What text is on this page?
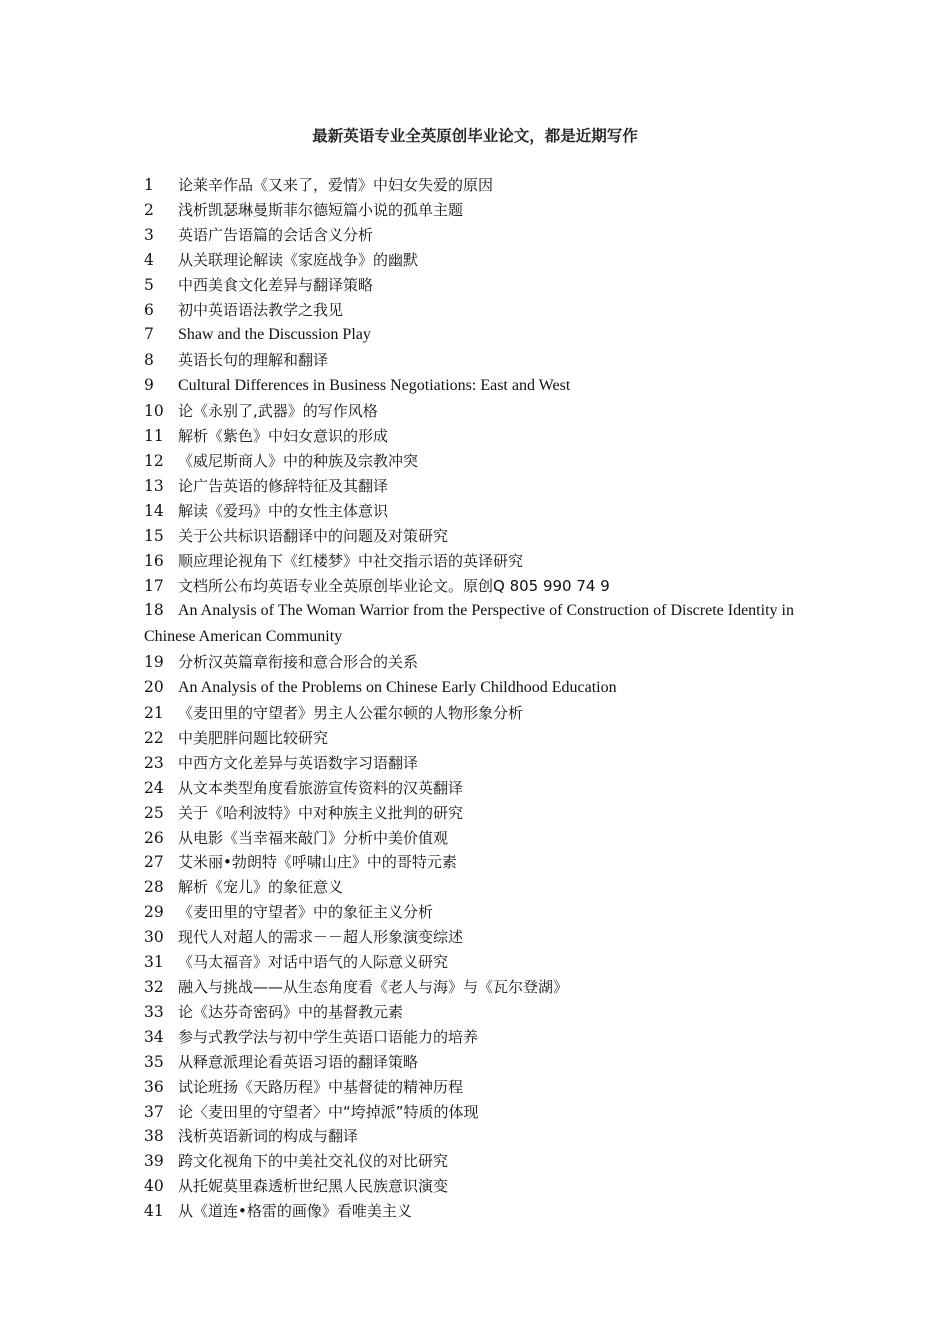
最新英语专业全英原创毕业论文，都是近期写作
1 论莱辛作品《又来了，爱情》中妇女失爱的原因
2 浅析凯瑟琳曼斯菲尔德短篇小说的孤单主题
3 英语广告语篇的会话含义分析
4 从关联理论解读《家庭战争》的幽默
5 中西美食文化差异与翻译策略
6 初中英语语法教学之我见
7 Shaw and the Discussion Play
8 英语长句的理解和翻译
9 Cultural Differences in Business Negotiations: East and West
10 论《永别了,武器》的写作风格
11 解析《紫色》中妇女意识的形成
12 《威尼斯商人》中的种族及宗教冲突
13 论广告英语的修辞特征及其翻译
14 解读《爱玛》中的女性主体意识
15 关于公共标识语翻译中的问题及对策研究
16 顺应理论视角下《红楼梦》中社交指示语的英译研究
17 文档所公布均英语专业全英原创毕业论文。原创Q 805 990 74 9
18 An Analysis of The Woman Warrior from the Perspective of Construction of Discrete Identity in Chinese American Community
19 分析汉英篇章衔接和意合形合的关系
20 An Analysis of the Problems on Chinese Early Childhood Education
21 《麦田里的守望者》男主人公霍尔顿的人物形象分析
22 中美肥胖问题比较研究
23 中西方文化差异与英语数字习语翻译
24 从文本类型角度看旅游宣传资料的汉英翻译
25 关于《哈利波特》中对种族主义批判的研究
26 从电影《当幸福来敲门》分析中美价值观
27 艾米丽•勃朗特《呼啸山庄》中的哥特元素
28 解析《宠儿》的象征意义
29 《麦田里的守望者》中的象征主义分析
30 现代人对超人的需求－－超人形象演变综述
31 《马太福音》对话中语气的人际意义研究
32 融入与挑战——从生态角度看《老人与海》与《瓦尔登湖》
33 论《达芬奇密码》中的基督教元素
34 参与式教学法与初中学生英语口语能力的培养
35 从释意派理论看英语习语的翻译策略
36 试论班扬《天路历程》中基督徒的精神历程
37 论〈麦田里的守望者〉中“垮掉派”特质的体现
38 浅析英语新词的构成与翻译
39 跨文化视角下的中美社交礼仪的对比研究
40 从托妮莫里森透析世纪黑人民族意识演变
41 从《道连•格雷的画像》看唯美主义
